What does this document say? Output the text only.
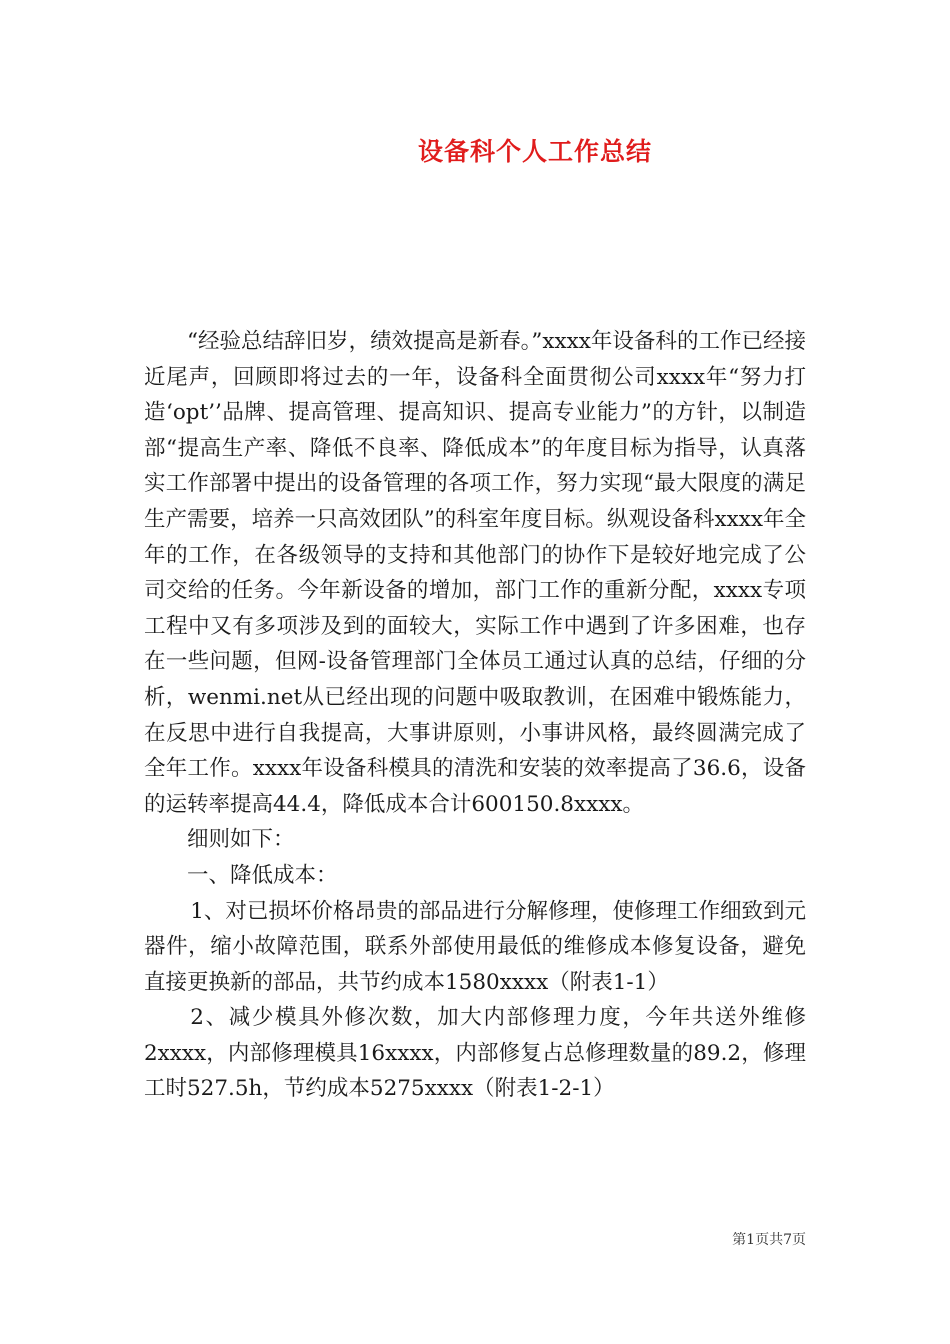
设备科个人工作总结

“经验总结辞旧岁，绩效提高是新春。”xxxx年设备科的工作已经接近尾声，回顾即将过去的一年，设备科全面贯彻公司xxxx年“努力打造‘opt’’品牌、提高管理、提高知识、提高专业能力”的方针，以制造部“提高生产率、降低不良率、降低成本”的年度目标为指导，认真落实工作部署中提出的设备管理的各项工作，努力实现“最大限度的满足生产需要，培养一只高效团队”的科室年度目标。纵观设备科xxxx年全年的工作，在各级领导的支持和其他部门的协作下是较好地完成了公司交给的任务。今年新设备的增加，部门工作的重新分配，xxxx专项工程中又有多项涉及到的面较大，实际工作中遇到了许多困难，也存在一些问题，但网-设备管理部门全体员工通过认真的总结，仔细的分析，wenmi.net从已经出现的问题中吸取教训，在困难中锻炼能力，在反思中进行自我提高，大事讲原则，小事讲风格，最终圆满完成了全年工作。xxxx年设备科模具的清洗和安装的效率提高了36.6，设备的运转率提高44.4，降低成本合计600150.8xxxx。

细则如下：

一、降低成本：

1、对已损坏价格昂贵的部品进行分解修理，使修理工作细致到元器件，缩小故障范围，联系外部使用最低的维修成本修复设备，避免直接更换新的部品，共节约成本1580xxxx（附表1-1）

2、减少模具外修次数，加大内部修理力度，今年共送外维修2xxxx，内部修理模具16xxxx，内部修复占总修理数量的89.2，修理工时527.5h，节约成本5275xxxx（附表1-2-1）

第1页共7页
